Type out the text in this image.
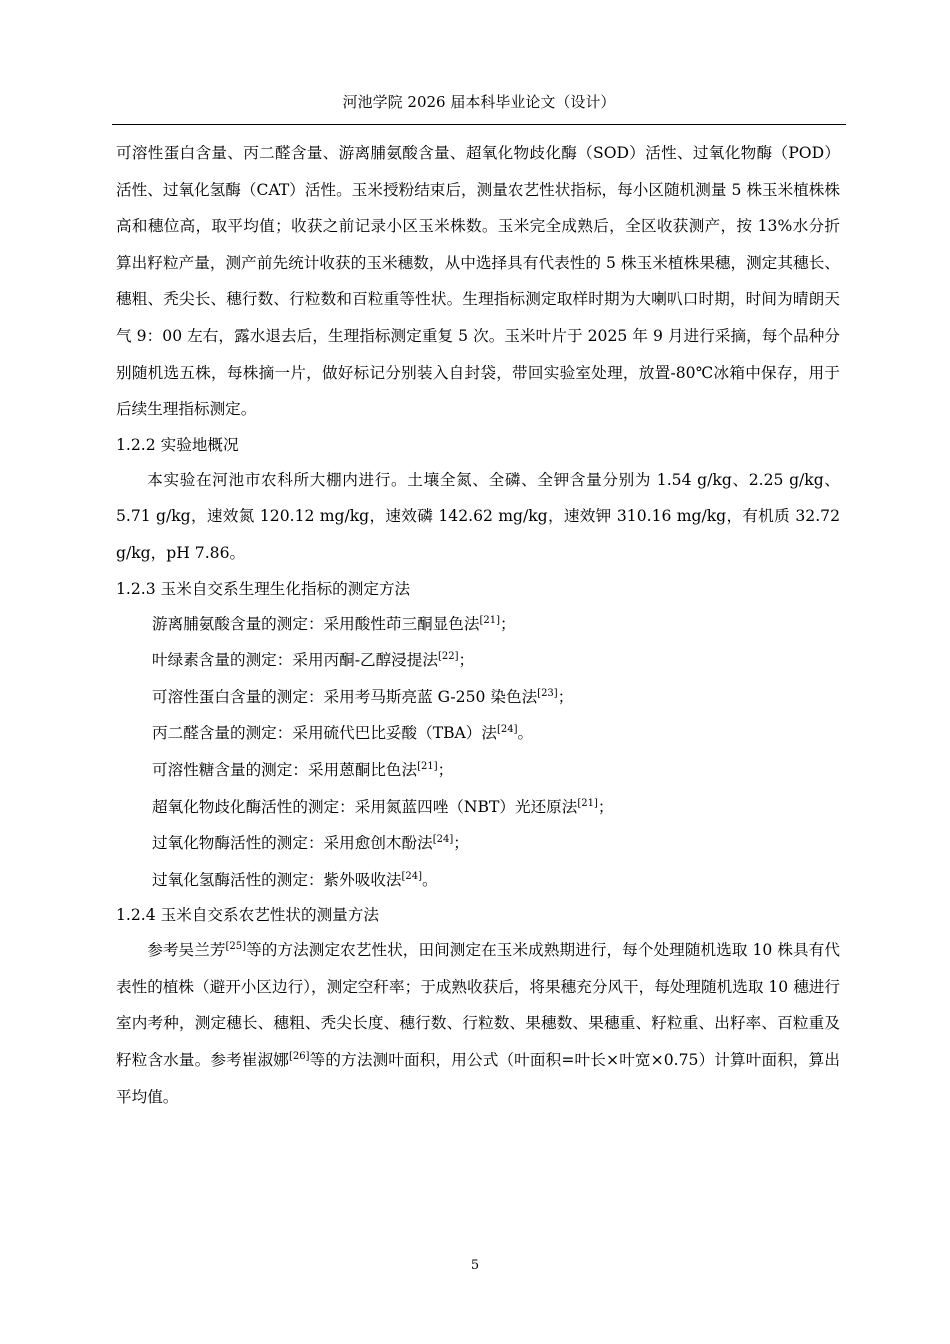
河池学院 2026 届本科毕业论文（设计）

可溶性蛋白含量、丙二醛含量、游离脯氨酸含量、超氧化物歧化酶（SOD）活性、过氧化物酶（POD）活性、过氧化氢酶（CAT）活性。玉米授粉结束后，测量农艺性状指标，每小区随机测量 5 株玉米植株株高和穗位高，取平均值；收获之前记录小区玉米株数。玉米完全成熟后，全区收获测产，按 13%水分折算出籽粒产量，测产前先统计收获的玉米穗数，从中选择具有代表性的 5 株玉米植株果穗，测定其穗长、穗粗、秃尖长、穗行数、行粒数和百粒重等性状。生理指标测定取样时期为大喇叭口时期，时间为晴朗天气 9：00 左右，露水退去后，生理指标测定重复 5 次。玉米叶片于 2025 年 9 月进行采摘，每个品种分别随机选五株，每株摘一片，做好标记分别装入自封袋，带回实验室处理，放置-80℃冰箱中保存，用于后续生理指标测定。

1.2.2 实验地概况

本实验在河池市农科所大棚内进行。土壤全氮、全磷、全钾含量分别为 1.54 g/kg、2.25 g/kg、5.71 g/kg，速效氮 120.12 mg/kg，速效磷 142.62 mg/kg，速效钾 310.16 mg/kg，有机质 32.72 g/kg，pH 7.86。

1.2.3 玉米自交系生理生化指标的测定方法

游离脯氨酸含量的测定：采用酸性茚三酮显色法[21]；

叶绿素含量的测定：采用丙酮-乙醇浸提法[22]；

可溶性蛋白含量的测定：采用考马斯亮蓝 G-250 染色法[23]；

丙二醛含量的测定：采用硫代巴比妥酸（TBA）法[24]。

可溶性糖含量的测定：采用蒽酮比色法[21]；

超氧化物歧化酶活性的测定：采用氮蓝四唑（NBT）光还原法[21]；

过氧化物酶活性的测定：采用愈创木酚法[24]；

过氧化氢酶活性的测定：紫外吸收法[24]。

1.2.4 玉米自交系农艺性状的测量方法

参考吴兰芳[25]等的方法测定农艺性状，田间测定在玉米成熟期进行，每个处理随机选取 10 株具有代表性的植株（避开小区边行），测定空秆率；于成熟收获后，将果穗充分风干，每处理随机选取 10 穗进行室内考种，测定穗长、穗粗、秃尖长度、穗行数、行粒数、果穗数、果穗重、籽粒重、出籽率、百粒重及籽粒含水量。参考崔淑娜[26]等的方法测叶面积，用公式（叶面积=叶长×叶宽×0.75）计算叶面积，算出平均值。

5
